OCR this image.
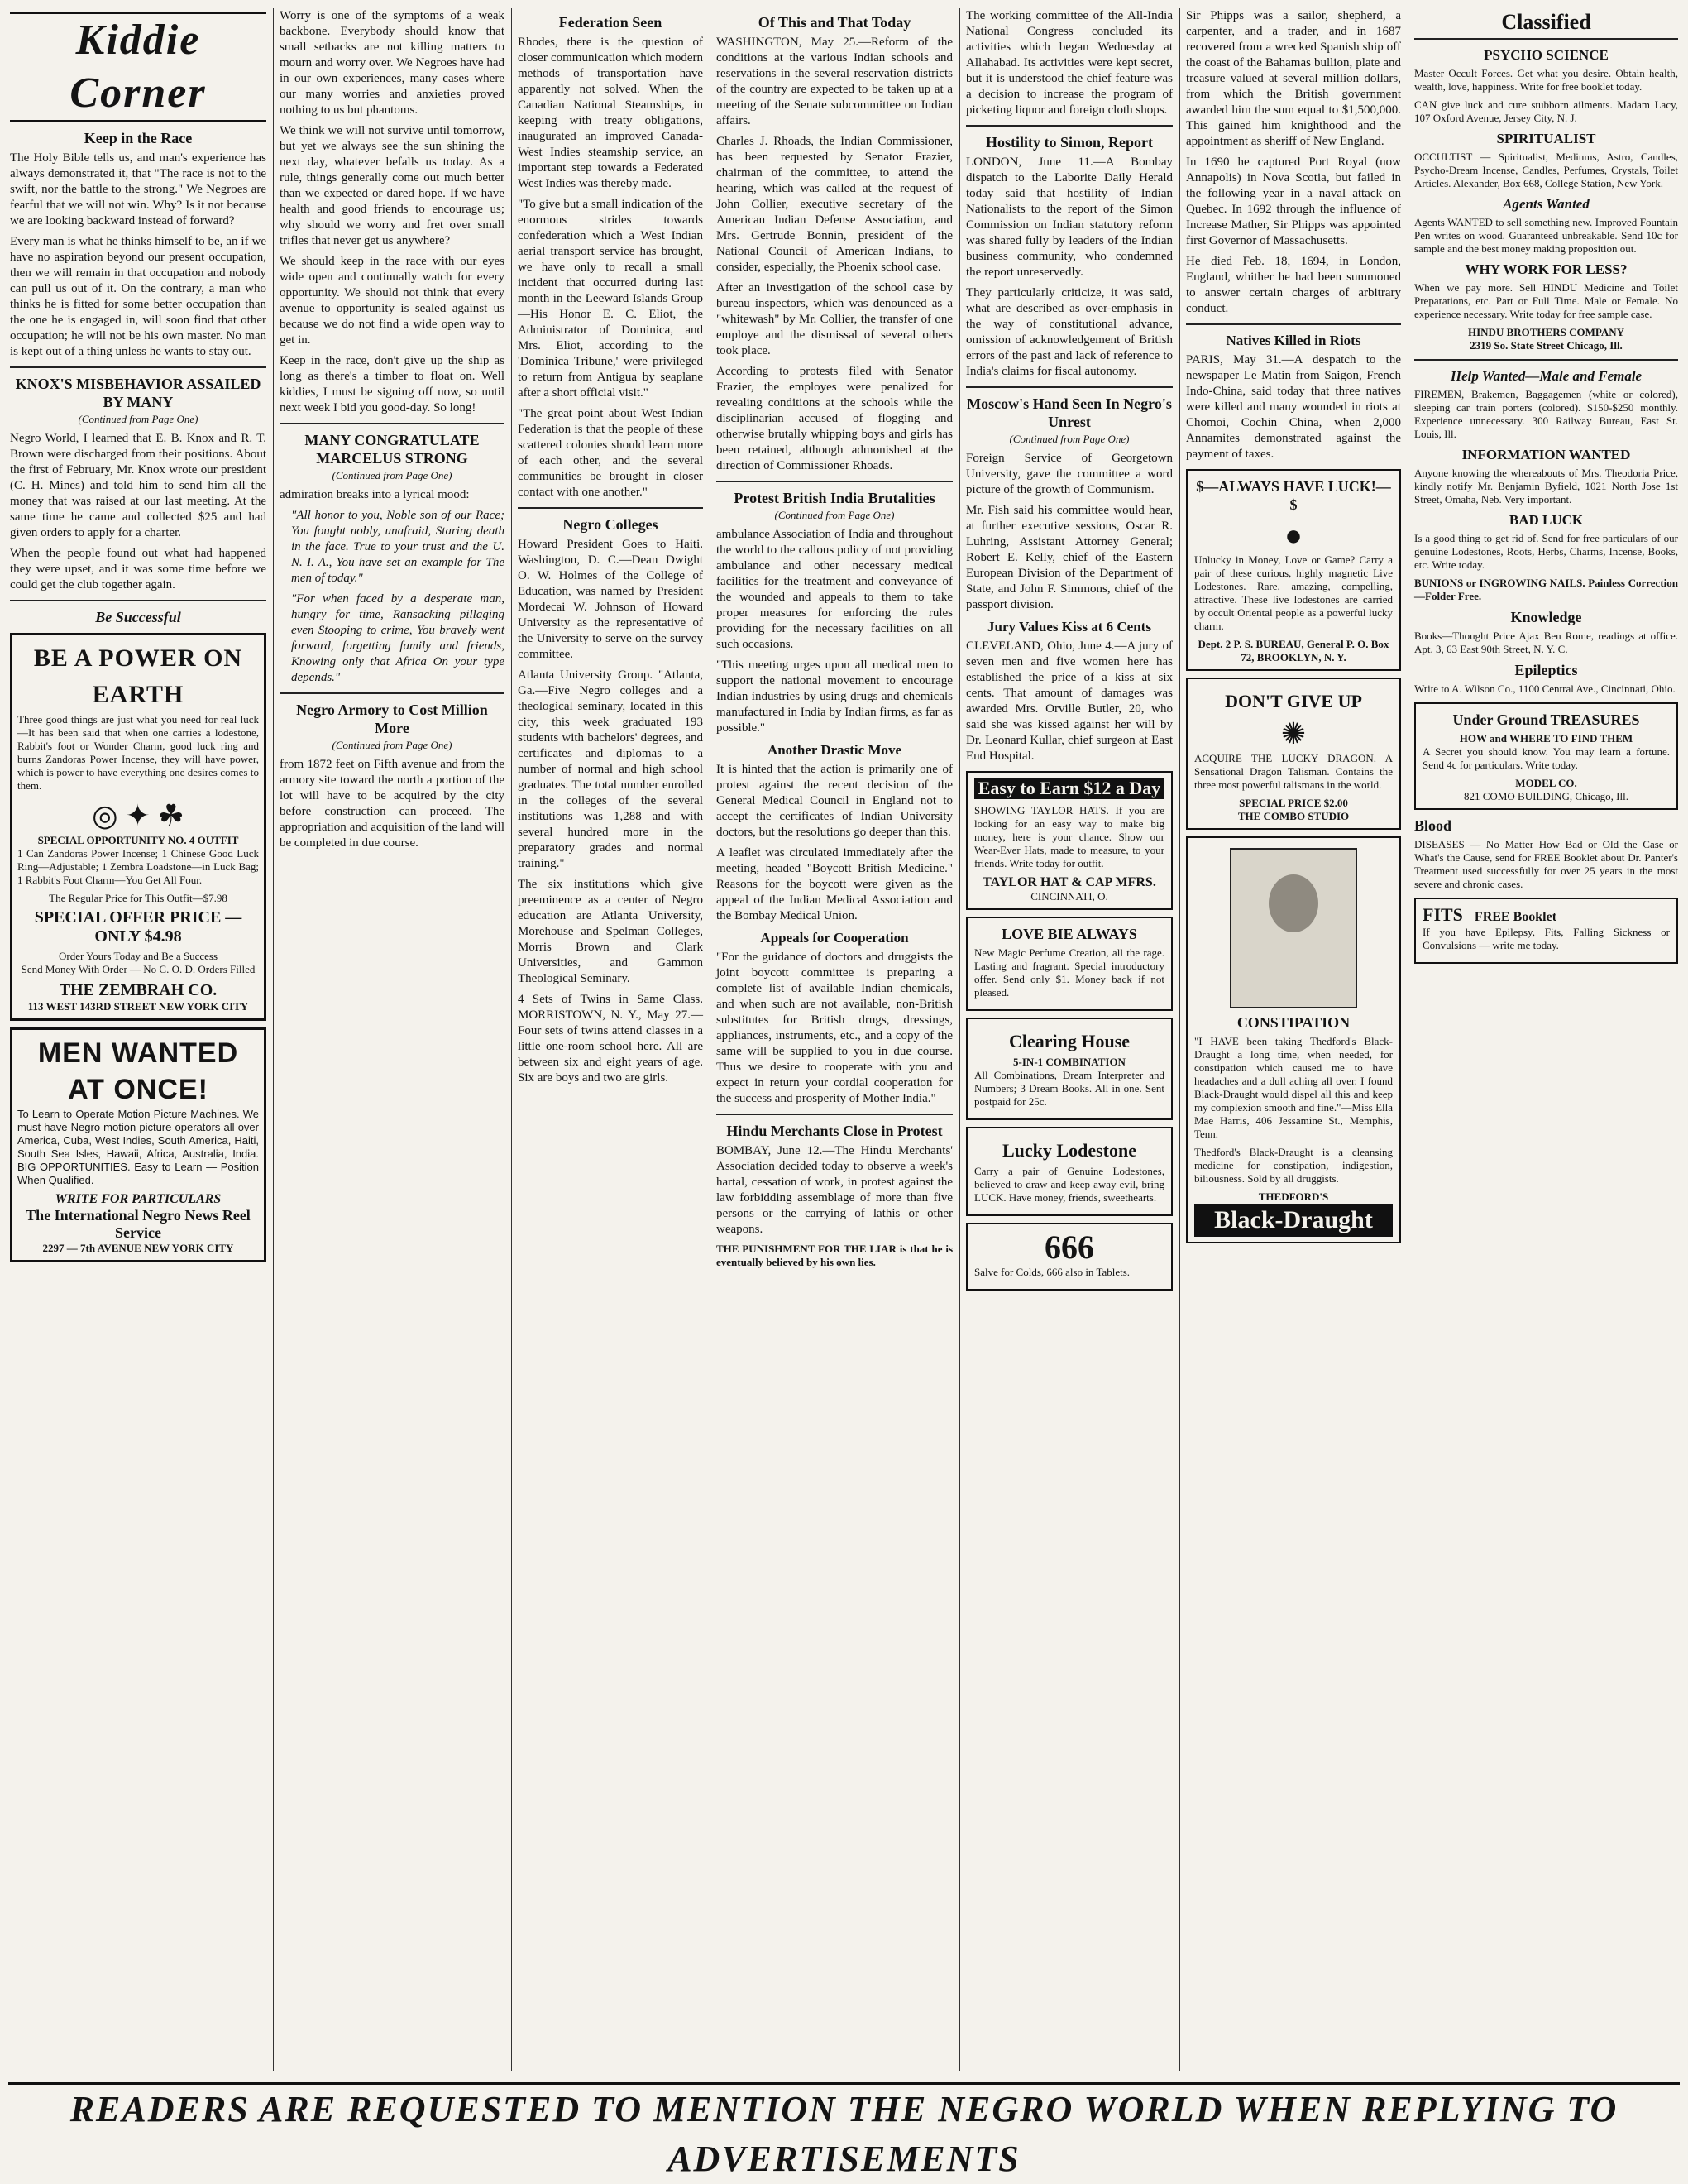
Kiddie Corner
Keep in the Race

The Holy Bible tells us, and man's experience has always demonstrated it, that "The race is not to the swift, nor the battle to the strong." We Negroes are fearful that we will not win. Why? Is it not because we are looking backward instead of forward?

Every man is what he thinks himself to be, an if we have no aspiration beyond our present occupation, then we will remain in that occupation and nobody can pull us out of it. On the contrary, a man who thinks he is fitted for some better occupation than the one he is engaged in, will soon find that other occupation; he will not be his own master. No man is kept out of a thing unless he wants to stay out.

KNOX'S MISBEHAVIOR ASSAILED BY MANY
(Continued from Page One)

Negro World, I learned that E. B. Knox and R. T. Brown were discharged from their positions. About the first of February, Mr. Knox wrote our president (C. H. Mines) and told him to send him all the money that was raised at our last meeting. At the same time he came and collected $25 and had given orders to apply for a charter.

When the people found out what had happened they were upset, and it was some time before we could get the club together again.

Be Successful
BE A POWER ON EARTH

Three good things are just what you need for real luck—It has been said that when one carries a lodestone, Rabbit's foot or Wonder Charm, good luck ring and burns Zandoras Power Incense, they will have power, which is power to have everything one desires comes to them.

◎ ✦ ☘
SPECIAL OPPORTUNITY NO. 4 OUTFIT

1 Can Zandoras Power Incense; 1 Chinese Good Luck Ring—Adjustable; 1 Zembra Loadstone—in Luck Bag; 1 Rabbit's Foot Charm—You Get All Four.

The Regular Price for This Outfit—$7.98
SPECIAL OFFER PRICE — ONLY $4.98
Order Yours Today and Be a Success
Send Money With Order — No C. O. D. Orders Filled
THE ZEMBRAH CO.
113 WEST 143RD STREET NEW YORK CITY
MEN WANTED AT ONCE!

To Learn to Operate Motion Picture Machines. We must have Negro motion picture operators all over America, Cuba, West Indies, South America, Haiti, South Sea Isles, Hawaii, Africa, Australia, India. BIG OPPORTUNITIES. Easy to Learn — Position When Qualified.

WRITE FOR PARTICULARS
The International Negro News Reel Service
2297 — 7th AVENUE NEW YORK CITY

Worry is one of the symptoms of a weak backbone. Everybody should know that small setbacks are not killing matters to mourn and worry over. We Negroes have had in our own experiences, many cases where our many worries and anxieties proved nothing to us but phantoms.

We think we will not survive until tomorrow, but yet we always see the sun shining the next day, whatever befalls us today. As a rule, things generally come out much better than we expected or dared hope. If we have health and good friends to encourage us; why should we worry and fret over small trifles that never get us anywhere?

We should keep in the race with our eyes wide open and continually watch for every opportunity. We should not think that every avenue to opportunity is sealed against us because we do not find a wide open way to get in.

Keep in the race, don't give up the ship as long as there's a timber to float on. Well kiddies, I must be signing off now, so until next week I bid you good-day. So long!

MANY CONGRATULATE MARCELUS STRONG
(Continued from Page One)

admiration breaks into a lyrical mood:

"All honor to you, Noble son of our Race; You fought nobly, unafraid, Staring death in the face. True to your trust and the U. N. I. A., You have set an example for The men of today."

"For when faced by a desperate man, hungry for time, Ransacking pillaging even Stooping to crime, You bravely went forward, forgetting family and friends, Knowing only that Africa On your type depends."

Negro Armory to Cost Million More
(Continued from Page One)

from 1872 feet on Fifth avenue and from the armory site toward the north a portion of the lot will have to be acquired by the city before construction can proceed. The appropriation and acquisition of the land will be completed in due course.

Federation Seen

Rhodes, there is the question of closer communication which modern methods of transportation have apparently not solved. When the Canadian National Steamships, in keeping with treaty obligations, inaugurated an improved Canada-West Indies steamship service, an important step towards a Federated West Indies was thereby made.

"To give but a small indication of the enormous strides towards confederation which a West Indian aerial transport service has brought, we have only to recall a small incident that occurred during last month in the Leeward Islands Group—His Honor E. C. Eliot, the Administrator of Dominica, and Mrs. Eliot, according to the 'Dominica Tribune,' were privileged to return from Antigua by seaplane after a short official visit."

"The great point about West Indian Federation is that the people of these scattered colonies should learn more of each other, and the several communities be brought in closer contact with one another."

Negro Colleges

Howard President Goes to Haiti. Washington, D. C.—Dean Dwight O. W. Holmes of the College of Education, was named by President Mordecai W. Johnson of Howard University as the representative of the University to serve on the survey committee.

Atlanta University Group. "Atlanta, Ga.—Five Negro colleges and a theological seminary, located in this city, this week graduated 193 students with bachelors' degrees, and certificates and diplomas to a number of normal and high school graduates. The total number enrolled in the colleges of the several institutions was 1,288 and with several hundred more in the preparatory grades and normal training."

The six institutions which give preeminence as a center of Negro education are Atlanta University, Morehouse and Spelman Colleges, Morris Brown and Clark Universities, and Gammon Theological Seminary.

4 Sets of Twins in Same Class. MORRISTOWN, N. Y., May 27.—Four sets of twins attend classes in a little one-room school here. All are between six and eight years of age. Six are boys and two are girls.

Of This and That Today

WASHINGTON, May 25.—Reform of the conditions at the various Indian schools and reservations in the several reservation districts of the country are expected to be taken up at a meeting of the Senate subcommittee on Indian affairs.

Charles J. Rhoads, the Indian Commissioner, has been requested by Senator Frazier, chairman of the committee, to attend the hearing, which was called at the request of John Collier, executive secretary of the American Indian Defense Association, and Mrs. Gertrude Bonnin, president of the National Council of American Indians, to consider, especially, the Phoenix school case.

After an investigation of the school case by bureau inspectors, which was denounced as a "whitewash" by Mr. Collier, the transfer of one employe and the dismissal of several others took place.

According to protests filed with Senator Frazier, the employes were penalized for revealing conditions at the schools while the disciplinarian accused of flogging and otherwise brutally whipping boys and girls has been retained, although admonished at the direction of Commissioner Rhoads.

Protest British India Brutalities
(Continued from Page One)

ambulance Association of India and throughout the world to the callous policy of not providing ambulance and other necessary medical facilities for the treatment and conveyance of the wounded and appeals to them to take proper measures for enforcing the rules providing for the necessary facilities on all such occasions.

"This meeting urges upon all medical men to support the national movement to encourage Indian industries by using drugs and chemicals manufactured in India by Indian firms, as far as possible."

Another Drastic Move

It is hinted that the action is primarily one of protest against the recent decision of the General Medical Council in England not to accept the certificates of Indian University doctors, but the resolutions go deeper than this.

A leaflet was circulated immediately after the meeting, headed "Boycott British Medicine." Reasons for the boycott were given as the appeal of the Indian Medical Association and the Bombay Medical Union.

Appeals for Cooperation

"For the guidance of doctors and druggists the joint boycott committee is preparing a complete list of available Indian chemicals, and when such are not available, non-British substitutes for British drugs, dressings, appliances, instruments, etc., and a copy of the same will be supplied to you in due course. Thus we desire to cooperate with you and expect in return your cordial cooperation for the success and prosperity of Mother India."

Hindu Merchants Close in Protest

BOMBAY, June 12.—The Hindu Merchants' Association decided today to observe a week's hartal, cessation of work, in protest against the law forbidding assemblage of more than five persons or the carrying of lathis or other weapons.

THE PUNISHMENT FOR THE LIAR is that he is eventually believed by his own lies.

The working committee of the All-India National Congress concluded its activities which began Wednesday at Allahabad. Its activities were kept secret, but it is understood the chief feature was a decision to increase the program of picketing liquor and foreign cloth shops.

Hostility to Simon, Report

LONDON, June 11.—A Bombay dispatch to the Laborite Daily Herald today said that hostility of Indian Nationalists to the report of the Simon Commission on Indian statutory reform was shared fully by leaders of the Indian business community, who condemned the report unreservedly.

They particularly criticize, it was said, what are described as over-emphasis in the way of constitutional advance, omission of acknowledgement of British errors of the past and lack of reference to India's claims for fiscal autonomy.

Moscow's Hand Seen In Negro's Unrest
(Continued from Page One)

Foreign Service of Georgetown University, gave the committee a word picture of the growth of Communism.

Mr. Fish said his committee would hear, at further executive sessions, Oscar R. Luhring, Assistant Attorney General; Robert E. Kelly, chief of the Eastern European Division of the Department of State, and John F. Simmons, chief of the passport division.

Jury Values Kiss at 6 Cents

CLEVELAND, Ohio, June 4.—A jury of seven men and five women here has established the price of a kiss at six cents. That amount of damages was awarded Mrs. Orville Butler, 20, who said she was kissed against her will by Dr. Leonard Kullar, chief surgeon at East End Hospital.

Easy to Earn $12 a Day

SHOWING TAYLOR HATS. If you are looking for an easy way to make big money, here is your chance. Show our Wear-Ever Hats, made to measure, to your friends. Write today for outfit.

TAYLOR HAT & CAP MFRS.
CINCINNATI, O.
LOVE BIE ALWAYS

New Magic Perfume Creation, all the rage. Lasting and fragrant. Special introductory offer. Send only $1. Money back if not pleased.

Clearing House
5-IN-1 COMBINATION

All Combinations, Dream Interpreter and Numbers; 3 Dream Books. All in one. Sent postpaid for 25c.

Lucky Lodestone

Carry a pair of Genuine Lodestones, believed to draw and keep away evil, bring LUCK. Have money, friends, sweethearts.

666

Salve for Colds, 666 also in Tablets.

Sir Phipps was a sailor, shepherd, a carpenter, and a trader, and in 1687 recovered from a wrecked Spanish ship off the coast of the Bahamas bullion, plate and treasure valued at several million dollars, from which the British government awarded him the sum equal to $1,500,000. This gained him knighthood and the appointment as sheriff of New England.

In 1690 he captured Port Royal (now Annapolis) in Nova Scotia, but failed in the following year in a naval attack on Quebec. In 1692 through the influence of Increase Mather, Sir Phipps was appointed first Governor of Massachusetts.

He died Feb. 18, 1694, in London, England, whither he had been summoned to answer certain charges of arbitrary conduct.

Natives Killed in Riots

PARIS, May 31.—A despatch to the newspaper Le Matin from Saigon, French Indo-China, said today that three natives were killed and many wounded in riots at Chomoi, Cochin China, when 2,000 Annamites demonstrated against the payment of taxes.

$—ALWAYS HAVE LUCK!—$
●

Unlucky in Money, Love or Game? Carry a pair of these curious, highly magnetic Live Lodestones. Rare, amazing, compelling, attractive. These live lodestones are carried by occult Oriental people as a powerful lucky charm.

Dept. 2 P. S. BUREAU, General P. O. Box 72, BROOKLYN, N. Y.
DON'T GIVE UP
✺

ACQUIRE THE LUCKY DRAGON. A Sensational Dragon Talisman. Contains the three most powerful talismans in the world.

SPECIAL PRICE $2.00
THE COMBO STUDIO
CONSTIPATION

"I HAVE been taking Thedford's Black-Draught a long time, when needed, for constipation which caused me to have headaches and a dull aching all over. I found Black-Draught would dispel all this and keep my complexion smooth and fine."—Miss Ella Mae Harris, 406 Jessamine St., Memphis, Tenn.

Thedford's Black-Draught is a cleansing medicine for constipation, indigestion, biliousness. Sold by all druggists.

THEDFORD'S
Black-Draught
Classified
PSYCHO SCIENCE

Master Occult Forces. Get what you desire. Obtain health, wealth, love, happiness. Write for free booklet today.

CAN give luck and cure stubborn ailments. Madam Lacy, 107 Oxford Avenue, Jersey City, N. J.

SPIRITUALIST

OCCULTIST — Spiritualist, Mediums, Astro, Candles, Psycho-Dream Incense, Candles, Perfumes, Crystals, Toilet Articles. Alexander, Box 668, College Station, New York.

Agents Wanted

Agents WANTED to sell something new. Improved Fountain Pen writes on wood. Guaranteed unbreakable. Send 10c for sample and the best money making proposition out.

WHY WORK FOR LESS?

When we pay more. Sell HINDU Medicine and Toilet Preparations, etc. Part or Full Time. Male or Female. No experience necessary. Write today for free sample case.

HINDU BROTHERS COMPANY
2319 So. State Street Chicago, Ill.
Help Wanted—Male and Female

FIREMEN, Brakemen, Baggagemen (white or colored), sleeping car train porters (colored). $150-$250 monthly. Experience unnecessary. 300 Railway Bureau, East St. Louis, Ill.

INFORMATION WANTED

Anyone knowing the whereabouts of Mrs. Theodoria Price, kindly notify Mr. Benjamin Byfield, 1021 North Jose 1st Street, Omaha, Neb. Very important.

BAD LUCK

Is a good thing to get rid of. Send for free particulars of our genuine Lodestones, Roots, Herbs, Charms, Incense, Books, etc. Write today.

BUNIONS or INGROWING NAILS. Painless Correction—Folder Free.

Knowledge

Books—Thought Price Ajax Ben Rome, readings at office. Apt. 3, 63 East 90th Street, N. Y. C.

Epileptics

Write to A. Wilson Co., 1100 Central Ave., Cincinnati, Ohio.

Under Ground TREASURES
HOW and WHERE TO FIND THEM

A Secret you should know. You may learn a fortune. Send 4c for particulars. Write today.

MODEL CO.
821 COMO BUILDING, Chicago, Ill.
Blood

DISEASES — No Matter How Bad or Old the Case or What's the Cause, send for FREE Booklet about Dr. Panter's Treatment used successfully for over 25 years in the most severe and chronic cases.

FITS FREE Booklet

If you have Epilepsy, Fits, Falling Sickness or Convulsions — write me today.

READERS ARE REQUESTED TO MENTION THE NEGRO WORLD WHEN REPLYING TO ADVERTISEMENTS
